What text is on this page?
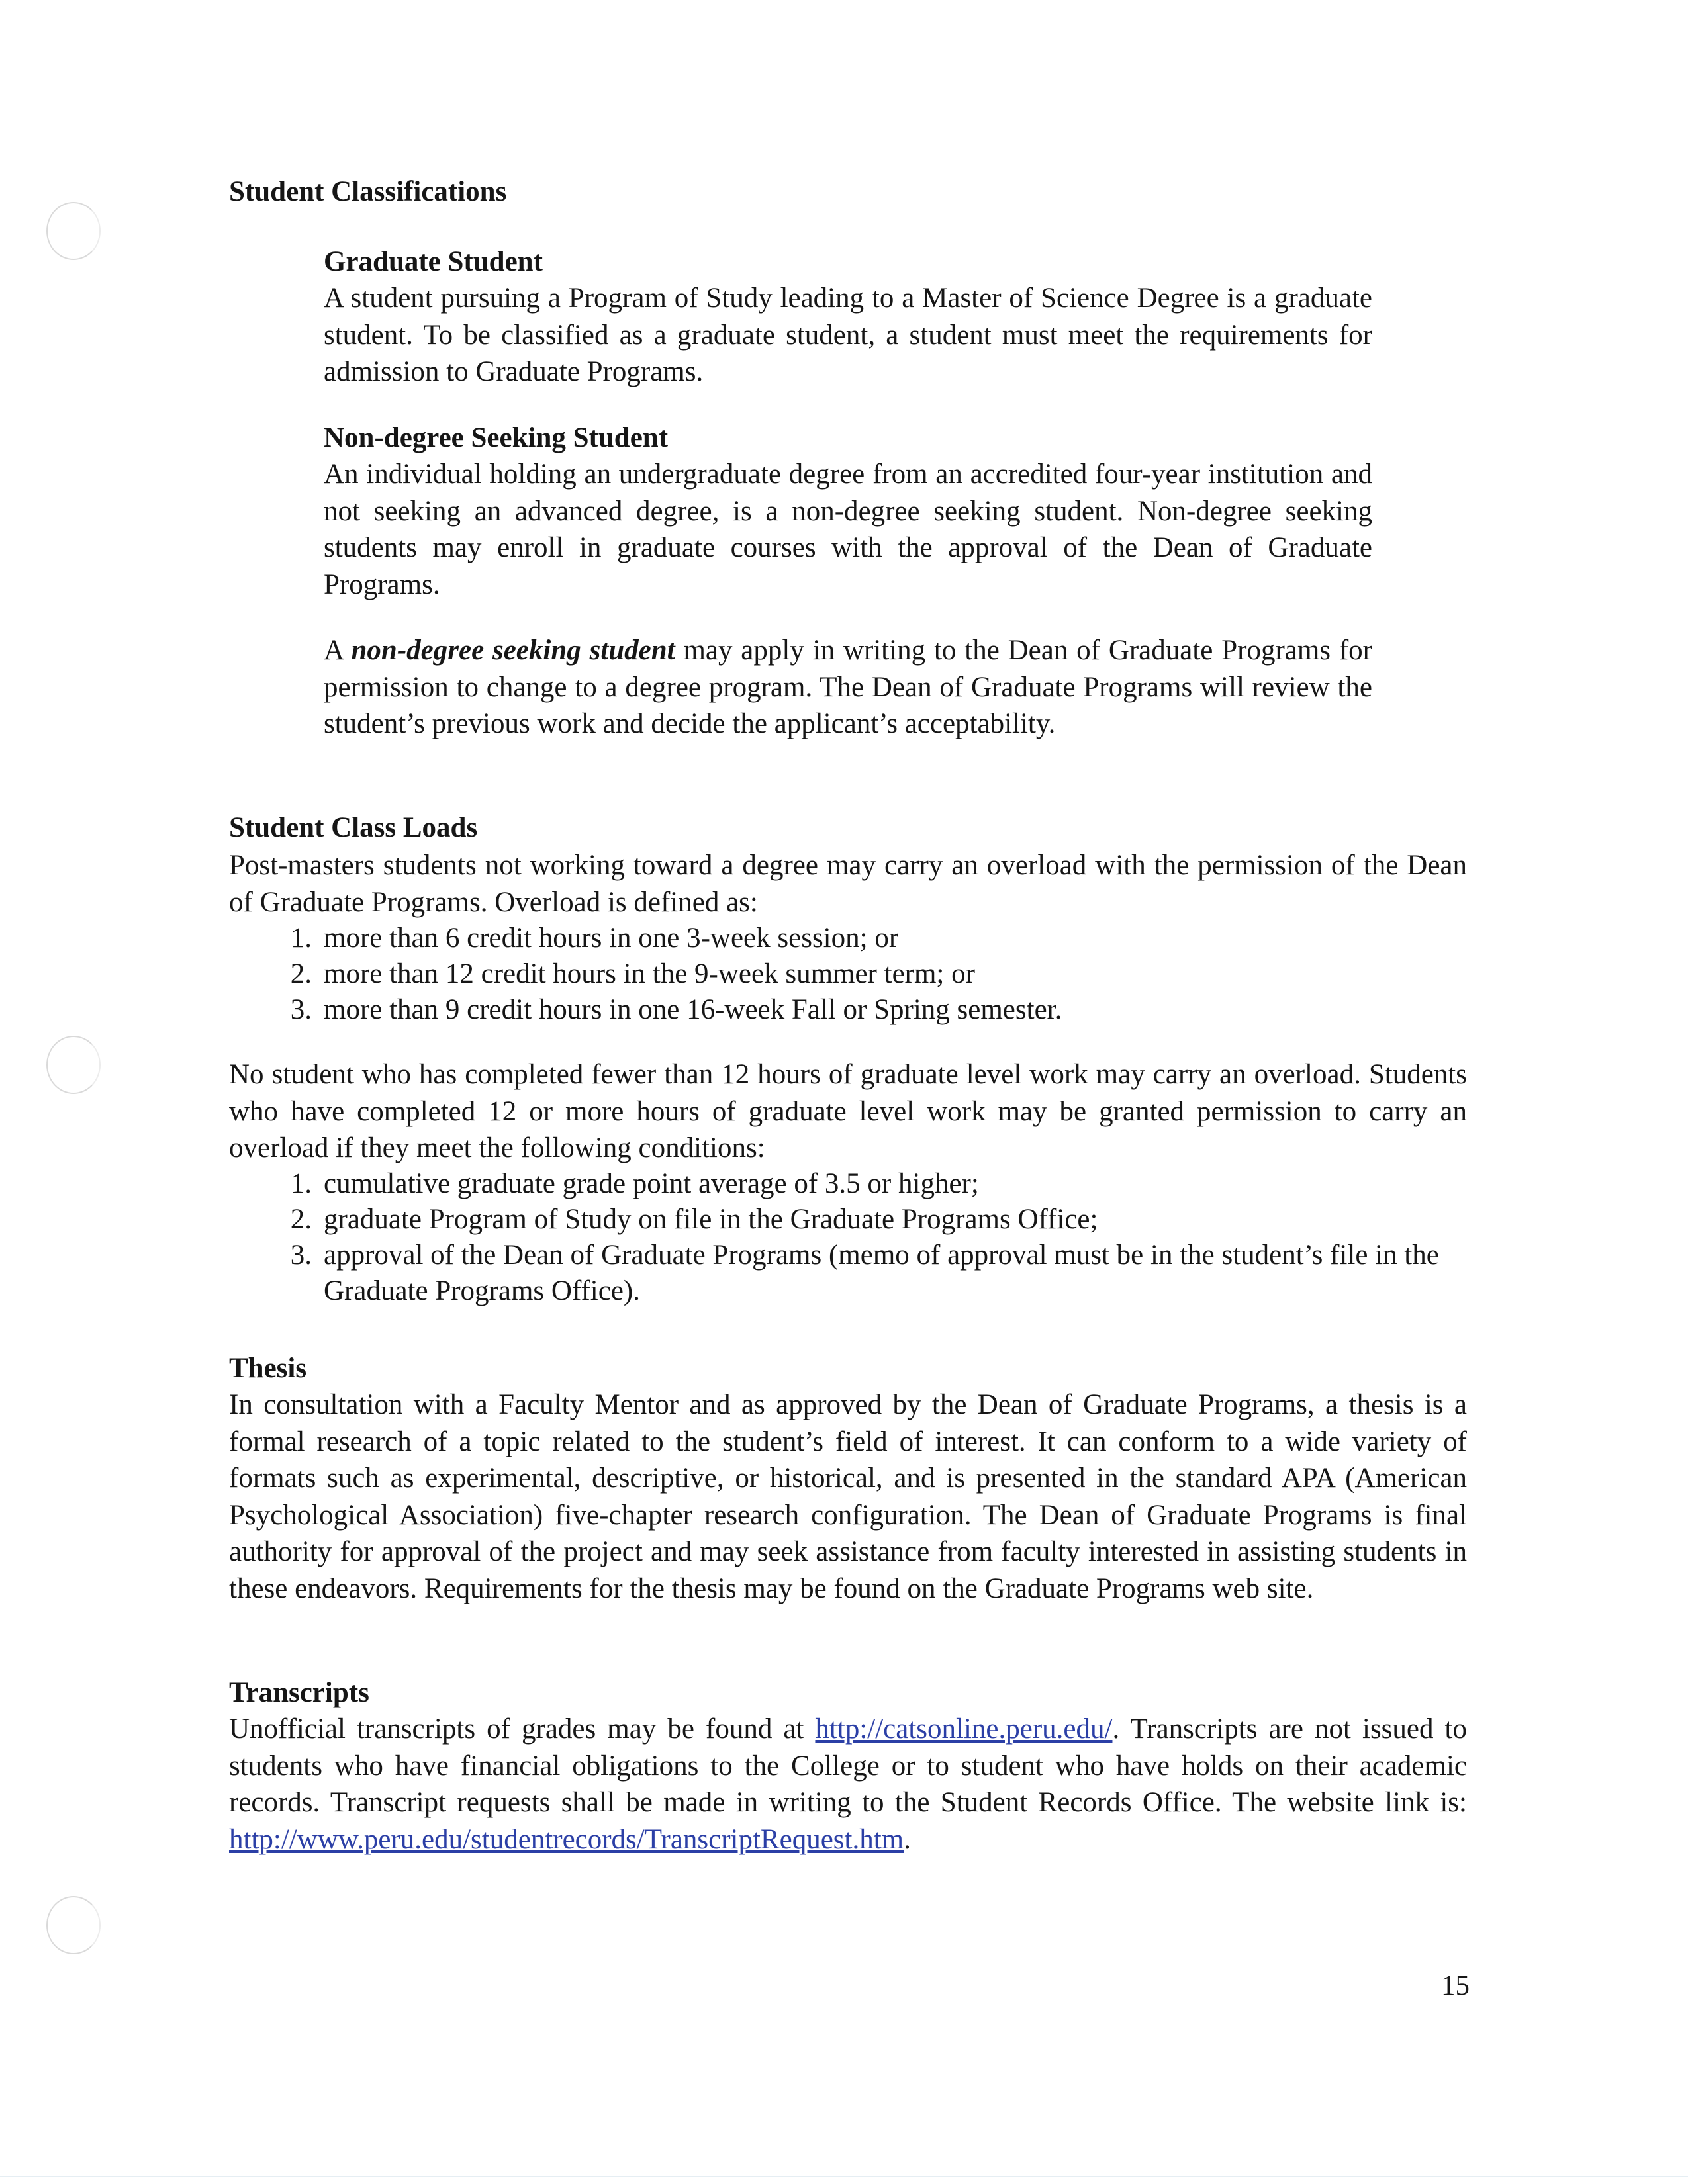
Student Classifications
Graduate Student

A student pursuing a Program of Study leading to a Master of Science Degree is a graduate student. To be classified as a graduate student, a student must meet the requirements for admission to Graduate Programs.

Non-degree Seeking Student

An individual holding an undergraduate degree from an accredited four-year institution and not seeking an advanced degree, is a non-degree seeking student. Non-degree seeking students may enroll in graduate courses with the approval of the Dean of Graduate Programs.

A non-degree seeking student may apply in writing to the Dean of Graduate Programs for permission to change to a degree program. The Dean of Graduate Programs will review the student’s previous work and decide the applicant’s acceptability.

Student Class Loads

Post-masters students not working toward a degree may carry an overload with the permission of the Dean of Graduate Programs. Overload is defined as:

1. more than 6 credit hours in one 3-week session; or
2. more than 12 credit hours in the 9-week summer term; or
3. more than 9 credit hours in one 16-week Fall or Spring semester.

No student who has completed fewer than 12 hours of graduate level work may carry an overload. Students who have completed 12 or more hours of graduate level work may be granted permission to carry an overload if they meet the following conditions:

1. cumulative graduate grade point average of 3.5 or higher;
2. graduate Program of Study on file in the Graduate Programs Office;
3. approval of the Dean of Graduate Programs (memo of approval must be in the student’s file in the Graduate Programs Office).
Thesis

In consultation with a Faculty Mentor and as approved by the Dean of Graduate Programs, a thesis is a formal research of a topic related to the student’s field of interest. It can conform to a wide variety of formats such as experimental, descriptive, or historical, and is presented in the standard APA (American Psychological Association) five-chapter research configuration. The Dean of Graduate Programs is final authority for approval of the project and may seek assistance from faculty interested in assisting students in these endeavors. Requirements for the thesis may be found on the Graduate Programs web site.

Transcripts

Unofficial transcripts of grades may be found at http://catsonline.peru.edu/. Transcripts are not issued to students who have financial obligations to the College or to student who have holds on their academic records. Transcript requests shall be made in writing to the Student Records Office. The website link is: http://www.peru.edu/studentrecords/TranscriptRequest.htm.

15
